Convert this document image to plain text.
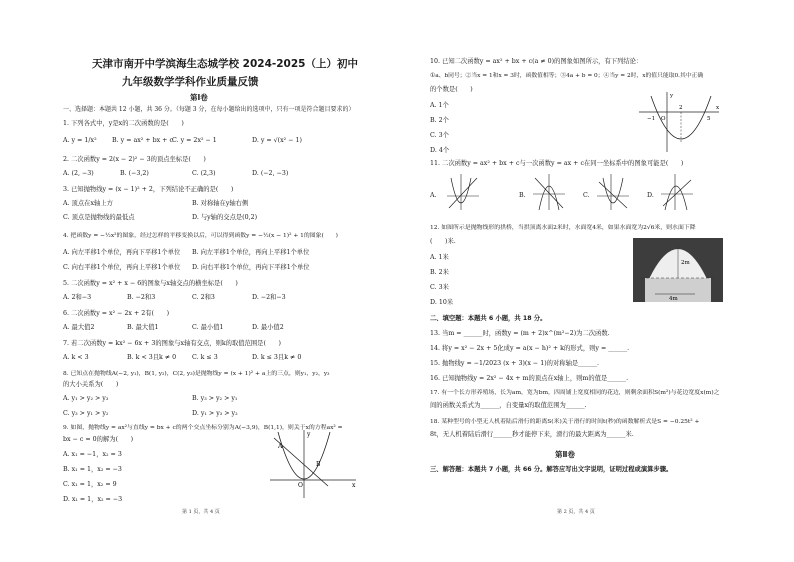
天津市南开中学滨海生态城学校 2024-2025（上）初中
九年级数学学科作业质量反馈
第Ⅰ卷
一、选择题：本题共 12 小题，共 36 分。（每题 3 分，在每小题给出的选项中，只有一项是符合题目要求的）
1. 下列各式中，y是x的二次函数的是(　　)
A. y = 1/x² B. y = ax² + bx + c C. y = 2x² − 1	D. y = √(x² − 1)
2. 二次函数y = 2(x − 2)² − 3的顶点坐标是(　　)
A. (2, −3)	B. (−3,2)	C. (2,3)	D. (−2, −3)
3. 已知抛物线y = (x − 1)² + 2，下列结论不正确的是(　　)
A. 顶点在x轴上方	B. 对称轴在y轴右侧
C. 顶点是抛物线的最低点	D. 与y轴的交点是(0,2)
4. 把函数y = −½x²的图象，经过怎样的平移变换以后，可以得到函数y = −½(x − 1)² + 1的图象(　　)
A. 向左平移1个单位，再向下平移1个单位 B. 向左平移1个单位，再向上平移1个单位
C. 向右平移1个单位，再向上平移1个单位 D. 向右平移1个单位，再向下平移1个单位
5. 二次函数y = x² + x − 6的图象与x轴交点的横坐标是(　　)
A. 2和−3	B. −2和3	C. 2和3	D. −2和−3
6. 二次函数y = x² − 2x + 2有(　　)
A. 最大值2	B. 最大值1	C. 最小值1	D. 最小值2
7. 若二次函数y = kx² − 6x + 3的图象与x轴有交点，则k的取值范围是(　　)
A. k < 3	B. k < 3且k ≠ 0	C. k ≤ 3	D. k ≤ 3且k ≠ 0
8. 已知点在抛物线A(−2, y₁)，B(1, y₂)，C(2, y₃)是抛物线y = (x + 1)² + a上的三点，则y₁，y₂，y₃
的大小关系为(　　)
A. y₁ > y₂ > y₃	B. y₃ > y₂ > y₁
C. y₃ > y₁ > y₂	D. y₁ > y₃ > y₂
9. 如图，抛物线y = ax²与直线y = bx + c的两个交点坐标分别为A(−3,9)，B(1,1)，则关于x的方程ax² =
bx − c = 0的解为(　　)
A. x₁ = −1，x₂ = 3
B. x₁ = 1，x₂ = −3
C. x₁ = 1，x₂ = 9
D. x₁ = 1，x₂ = −3
A
B
O	x
y
第 1 页，共 4 页
10. 已知二次函数y = ax² + bx + c(a ≠ 0)的图象如图所示，有下列结论：
①a、b同号；②当x = 1和x = 3时，函数值相等；③4a + b = 0；④当y = 2时，x的值只能取0.其中正确
的个数是(　　)
A. 1个
B. 2个
C. 3个
D. 4个
−1 O
2
5
x
y
11. 二次函数y = ax² + bx + c与一次函数y = ax + c在同一坐标系中的图象可能是(　　)
A.	B.	C.	D.
12. 如图所示是抛物线形的拱桥，当拱顶离水面2米时，水面宽4米，如果水面宽为2√6米，则水面下降
(　　)米.
A. 1米
B. 2米
C. 3米
D. 10米
2m
4m
二、填空题：本题共 6 小题，共 18 分。
13. 当m = ______时，函数y = (m + 2)x^(m²−2)为二次函数.
14. 将y = x² − 2x + 5化成y = a(x − h)² + k的形式，则y = ______.
15. 抛物线y = −1/2023 (x + 3)(x − 1)的对称轴是______.
16. 已知抛物线y = 2x² − 4x + m的顶点在x轴上，则m的值是______.
17. 有一个长方形养殖场，长为am，宽为bm，四周铺上宽度相同的花边，则剩余面积S(m²)与花边宽度x(m)之
间的函数关系式为______，自变量x的取值范围为______.
18. 某种型号的小型无人机着陆后滑行的距离S(米)关于滑行的时间t(秒)的函数解析式是S = −0.25t² +
8t，无人机着陆后滑行______秒才能停下来，滑行的最大距离为______米.
第Ⅱ卷
三、解答题：本题共 7 小题，共 66 分。解答应写出文字说明，证明过程或演算步骤。
第 2 页，共 4 页
